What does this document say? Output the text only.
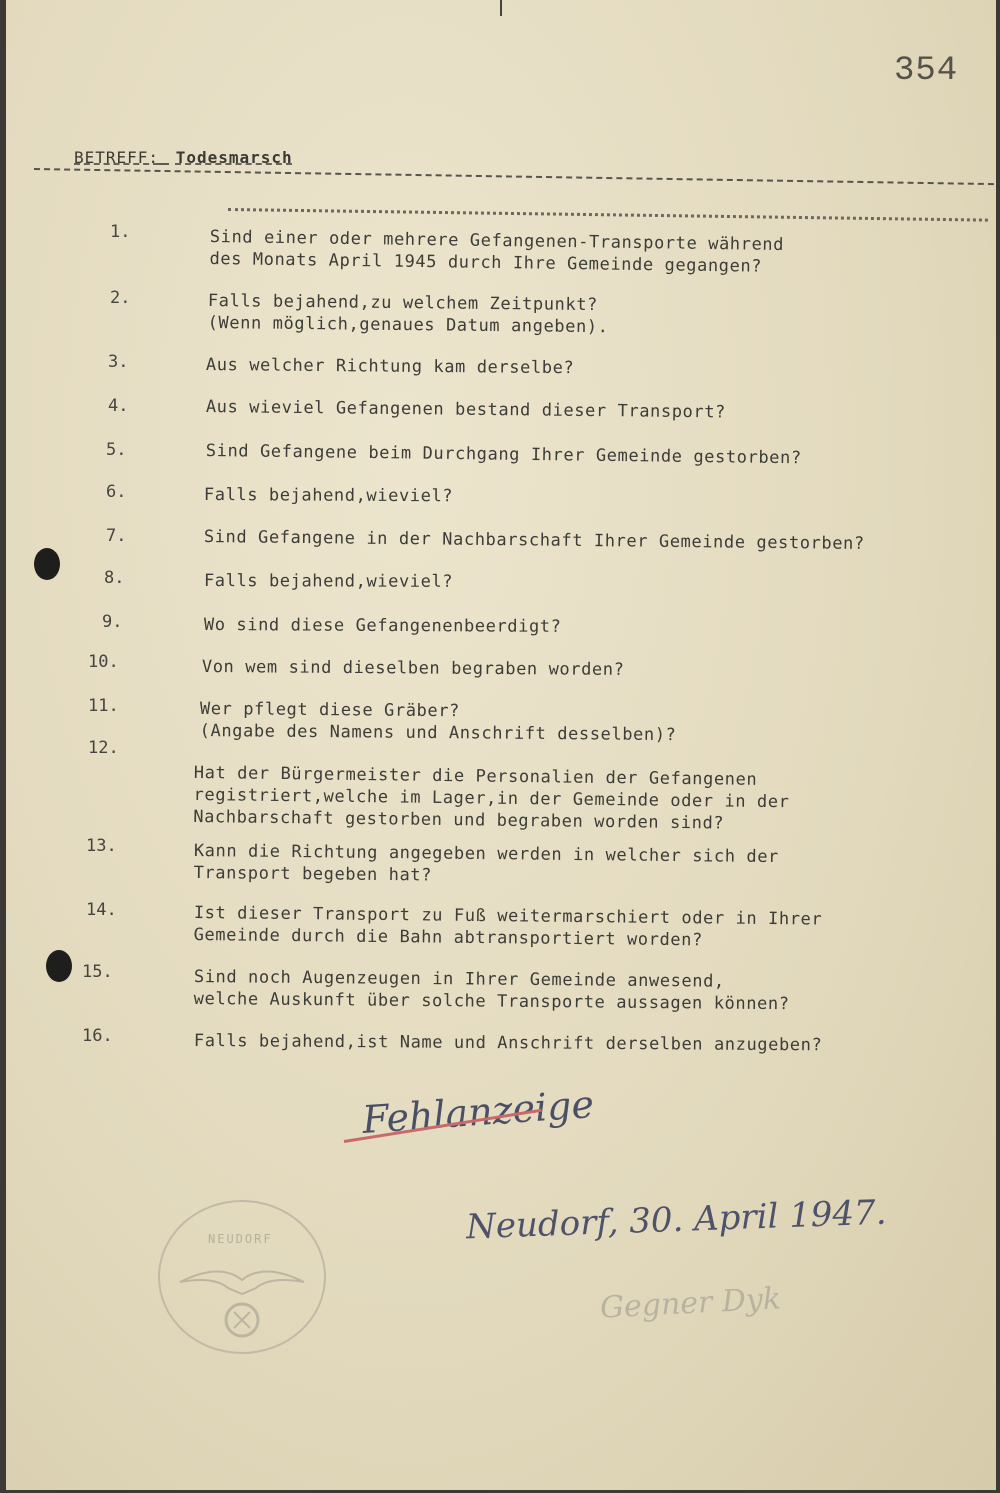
354
BETREFF: Todesmarsch
1.	Sind einer oder mehrere Gefangenen-Transporte während
des Monats April 1945 durch Ihre Gemeinde gegangen?
2.	Falls bejahend,zu welchem Zeitpunkt?
(Wenn möglich,genaues Datum angeben).
3.	Aus welcher Richtung kam derselbe?
4.	Aus wieviel Gefangenen bestand dieser Transport?
5.	Sind Gefangene beim Durchgang Ihrer Gemeinde gestorben?
6.	Falls bejahend,wieviel?
7.	Sind Gefangene in der Nachbarschaft Ihrer Gemeinde gestorben?
8.	Falls bejahend,wieviel?
9.	Wo sind diese Gefangenenbeerdigt?
10.	Von wem sind dieselben begraben worden?
11.	Wer pflegt diese Gräber?
(Angabe des Namens und Anschrift desselben)?
12.
Hat der Bürgermeister die Personalien der Gefangenen
registriert,welche im Lager,in der Gemeinde oder in der
Nachbarschaft gestorben und begraben worden sind?
13.	Kann die Richtung angegeben werden in welcher sich der
Transport begeben hat?
14.	Ist dieser Transport zu Fuß weitermarschiert oder in Ihrer
Gemeinde durch die Bahn abtransportiert worden?
15.	Sind noch Augenzeugen in Ihrer Gemeinde anwesend,
welche Auskunft über solche Transporte aussagen können?
16.	Falls bejahend,ist Name und Anschrift derselben anzugeben?
Fehlanzeige
Neudorf, 30. April 1947.
Gegner Dyk
NEUDORF
